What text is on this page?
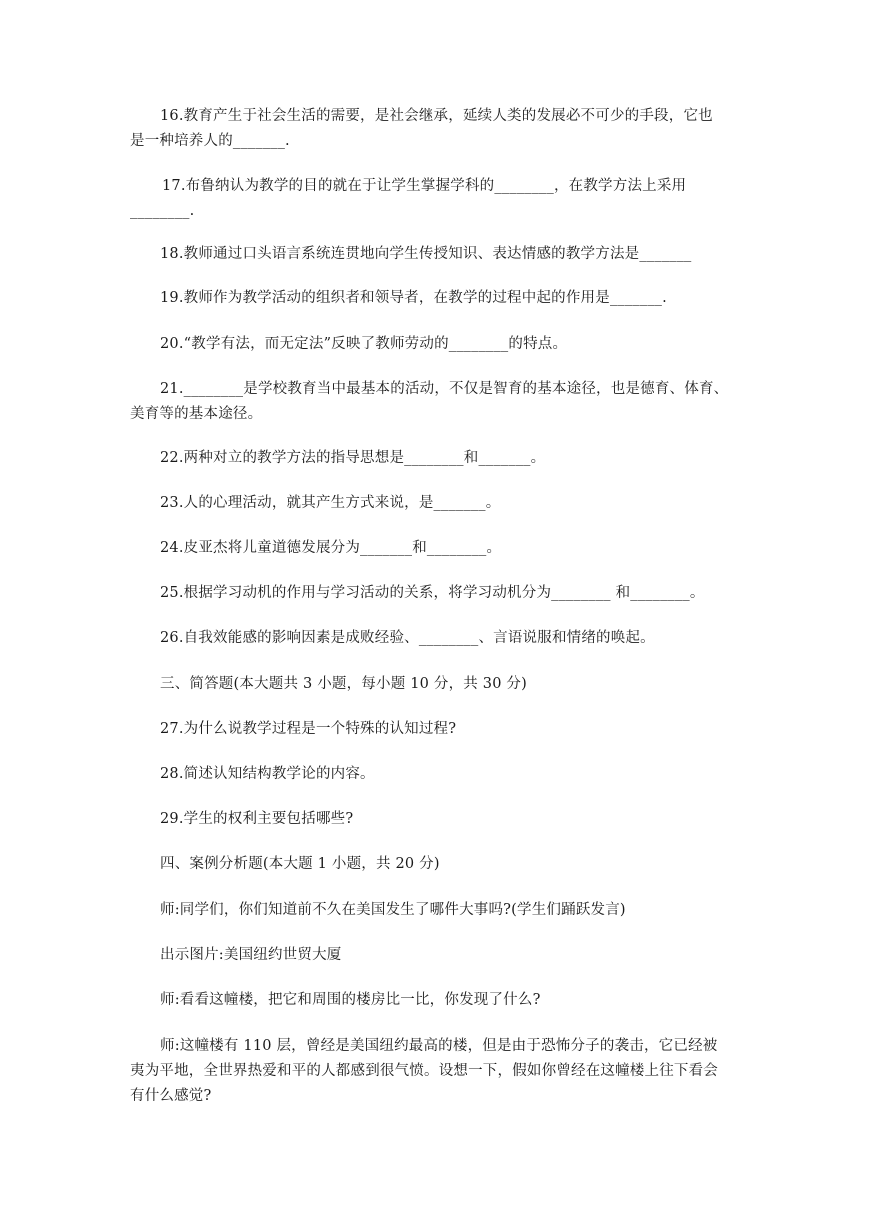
16.教育产生于社会生活的需要，是社会继承，延续人类的发展必不可少的手段，它也
是一种培养人的_______.
17.布鲁纳认为教学的目的就在于让学生掌握学科的________，在教学方法上采用
________.
18.教师通过口头语言系统连贯地向学生传授知识、表达情感的教学方法是_______
19.教师作为教学活动的组织者和领导者，在教学的过程中起的作用是_______.
20.“教学有法，而无定法”反映了教师劳动的________的特点。
21.________是学校教育当中最基本的活动，不仅是智育的基本途径，也是德育、体育、
美育等的基本途径。
22.两种对立的教学方法的指导思想是________和_______。
23.人的心理活动，就其产生方式来说，是_______。
24.皮亚杰将儿童道德发展分为_______和________。
25.根据学习动机的作用与学习活动的关系，将学习动机分为________ 和________。
26.自我效能感的影响因素是成败经验、________、言语说服和情绪的唤起。
三、简答题(本大题共 3 小题，每小题 10 分，共 30 分)
27.为什么说教学过程是一个特殊的认知过程?
28.简述认知结构教学论的内容。
29.学生的权利主要包括哪些?
四、案例分析题(本大题 1 小题，共 20 分)
师:同学们，你们知道前不久在美国发生了哪件大事吗?(学生们踊跃发言)
出示图片:美国纽约世贸大厦
师:看看这幢楼，把它和周围的楼房比一比，你发现了什么?
师:这幢楼有 110 层，曾经是美国纽约最高的楼，但是由于恐怖分子的袭击，它已经被
夷为平地，全世界热爱和平的人都感到很气愤。设想一下，假如你曾经在这幢楼上往下看会
有什么感觉?
